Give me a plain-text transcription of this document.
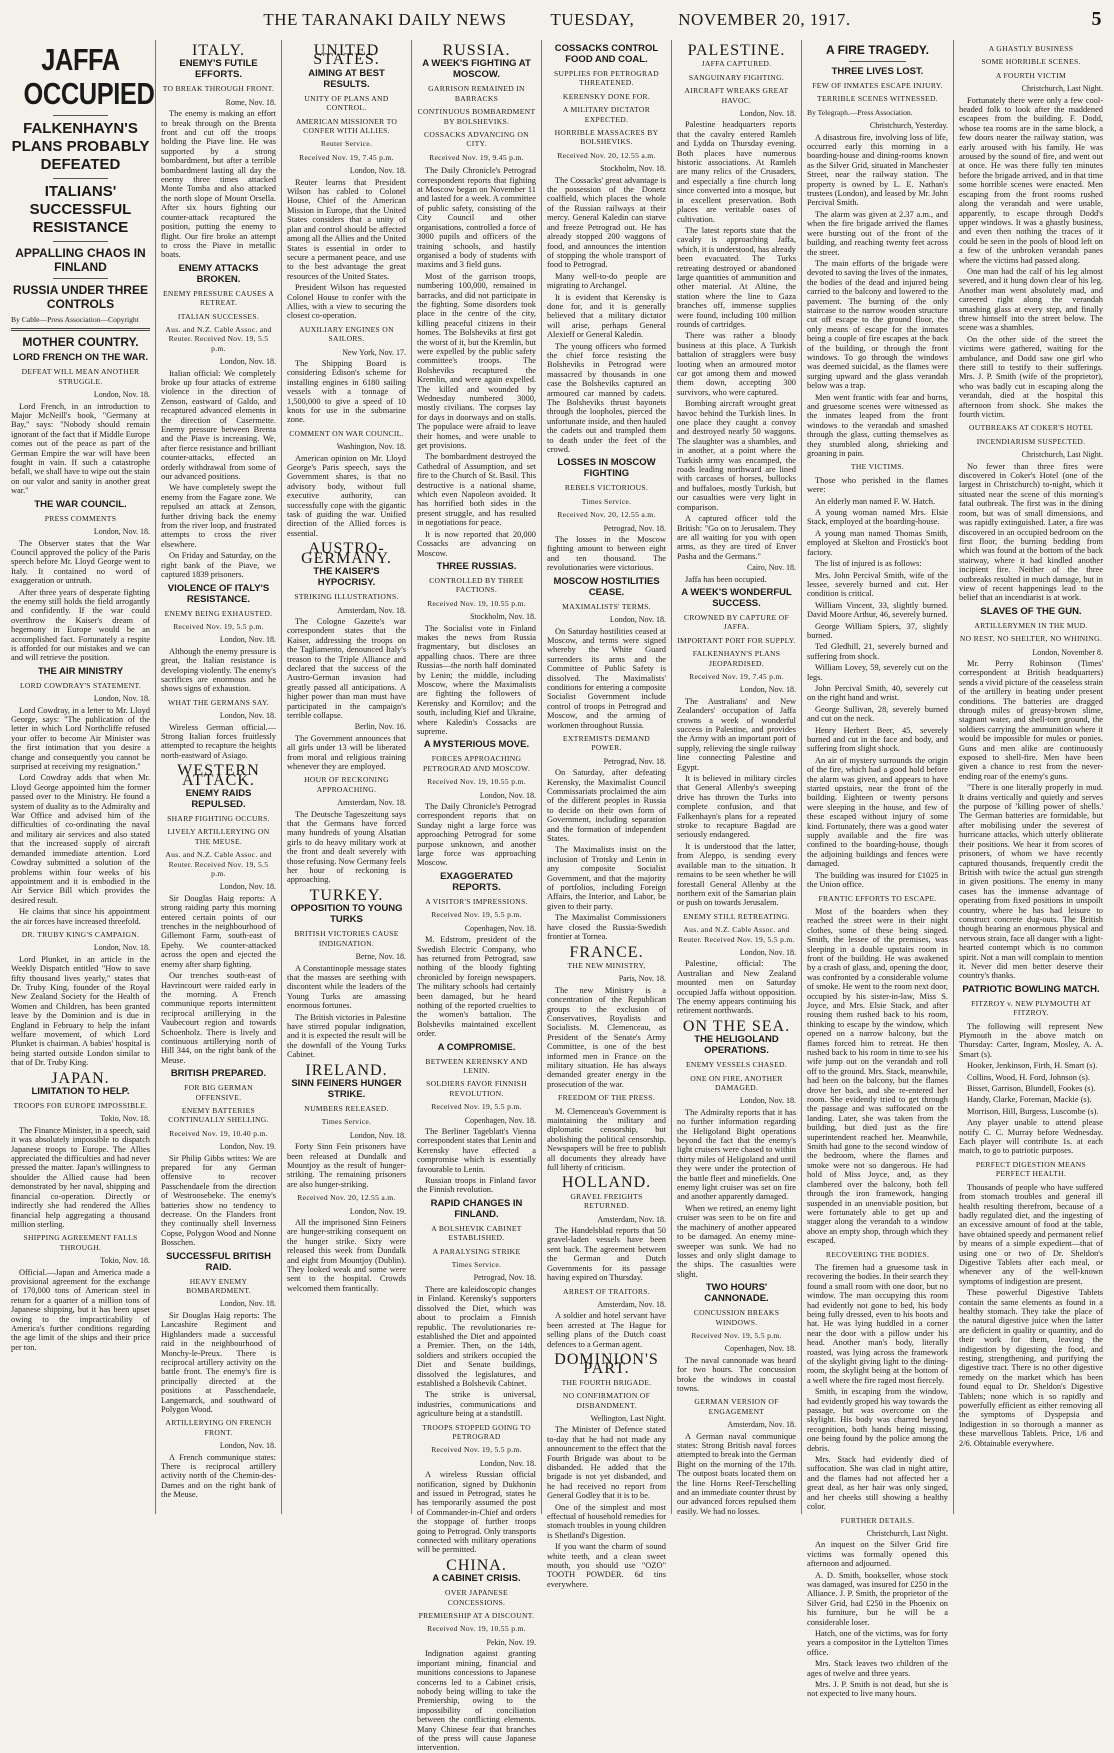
THE TARANAKI DAILY NEWS	TUESDAY,	NOVEMBER 20, 1917.	5
JAFFA OCCUPIED
FALKENHAYN'S PLANS PROBABLY DEFEATED
ITALIANS' SUCCESSFUL RESISTANCE
APPALLING CHAOS IN FINLAND
RUSSIA UNDER THREE CONTROLS
By Cable—Press Association—Copyright
MOTHER COUNTRY.
LORD FRENCH ON THE WAR.
DEFEAT WILL MEAN ANOTHER STRUGGLE.
London, Nov. 18.

Lord French, in an introduction to Major McNeill's book, "Germany at Bay," says: "Nobody should remain ignorant of the fact that if Middle Europe comes out of the peace as part of the German Empire the war will have been fought in vain. If such a catastrophe befall, we shall have to wipe out the stain on our valor and sanity in another great war."

THE WAR COUNCIL.
PRESS COMMENTS
London, Nov. 18.

The Observer states that the War Council approved the policy of the Paris speech before Mr. Lloyd George went to Italy. It contained no word of exaggeration or untruth.

After three years of desperate fighting the enemy still holds the field arrogantly and confidently. If the war could overthrow the Kaiser's dream of hegemony in Europe would be an accomplished fact. Fortunately a respite is afforded for our mistakes and we can and will retrieve the position.

THE AIR MINISTRY
LORD COWDRAY'S STATEMENT.
London, Nov. 18.

Lord Cowdray, in a letter to Mr. Lloyd George, says: "The publication of the letter in which Lord Northcliffe refused your offer to become Air Minister was the first intimation that you desire a change and consequently you cannot be surprised at receiving my resignation."

Lord Cowdray adds that when Mr. Lloyd George appointed him the former passed over to the Ministry. He found a system of duality as to the Admiralty and War Office and advised him of the difficulties of co-ordinating the naval and military air services and also stated that the increased supply of aircraft demanded immediate attention. Lord Cowdray submitted a solution of the problems within four weeks of his appointment and it is embodied in the Air Service Bill which provides the desired result.

He claims that since his appointment the air forces have increased threefold.

DR. TRUBY KING'S CAMPAIGN.
London, Nov. 18.

Lord Plunket, in an article in the Weekly Dispatch entitled "How to save fifty thousand lives yearly," states that Dr. Truby King, founder of the Royal New Zealand Society for the Health of Women and Children, has been granted leave by the Dominion and is due in England in February to help the infant welfare movement, of which Lord Plunket is chairman. A babies' hospital is being started outside London similar to that of Dr. Truby King.

JAPAN.
LIMITATION TO HELP.
TROOPS FOR EUROPE IMPOSSIBLE.
Tokio, Nov. 18.

The Finance Minister, in a speech, said it was absolutely impossible to dispatch Japanese troops to Europe. The Allies appreciated the difficulties and had never pressed the matter. Japan's willingness to shoulder the Allied cause had been demonstrated by her naval, shipping and financial co-operation. Directly or indirectly she had rendered the Allies financial help aggregating a thousand million sterling.

SHIPPING AGREEMENT FALLS THROUGH.
Tokio, Nov. 18.

Official.—Japan and America made a provisional agreement for the exchange of 170,000 tons of American steel in return for a quarter of a million tons of Japanese shipping, but it has been upset owing to the impracticability of America's further conditions regarding the age limit of the ships and their price per ton.

ITALY.
ENEMY'S FUTILE EFFORTS.
TO BREAK THROUGH FRONT.
Rome, Nov. 18.

The enemy is making an effort to break through on the Brenta front and cut off the troops holding the Piave line. He was supported by a strong bombardment, but after a terrible bombardment lasting all day the enemy three times attacked Monte Tomba and also attacked the north slope of Mount Orsella. After six hours fighting our counter-attack recaptured the position, putting the enemy to flight. Our fire broke an attempt to cross the Piave in metallic boats.

ENEMY ATTACKS BROKEN.
ENEMY PRESSURE CAUSES A RETREAT.
ITALIAN SUCCESSES.
Aus. and N.Z. Cable Assoc. and Reuter. Received Nov. 19, 5.5 p.m.
London, Nov. 18.

Italian official: We completely broke up four attacks of extreme violence in the direction of Zenson, eastward of Galdo, and recaptured advanced elements in the direction of Casermette. Enemy pressure between Brenta and the Piave is increasing. We, after fierce resistance and brilliant counter-attacks, effected an orderly withdrawal from some of our advanced positions.

We have completely swept the enemy from the Fagare zone. We repulsed an attack at Zenson, further driving back the enemy from the river loop, and frustrated attempts to cross the river elsewhere.

On Friday and Saturday, on the right bank of the Piave, we captured 1839 prisoners.

VIOLENCE OF ITALY'S RESISTANCE.
ENEMY BEING EXHAUSTED.
Received Nov. 19, 5.5 p.m.
London, Nov. 18.

Although the enemy pressure is great, the Italian resistance is developing violently. The enemy's sacrifices are enormous and he shows signs of exhaustion.

WHAT THE GERMANS SAY.
London, Nov. 18.

Wireless German official.—Strong Italian forces fruitlessly attempted to recapture the heights north-eastward of Asiago.

WESTERN ATTACK.
ENEMY RAIDS REPULSED.
SHARP FIGHTING OCCURS.
LIVELY ARTILLERYING ON THE MEUSE.
Aus. and N.Z. Cable Assoc. and Reuter. Received Nov. 19, 5.5 p.m.
London, Nov. 18.

Sir Douglas Haig reports: A strong raiding party this morning entered certain points of our trenches in the neighbourhood of Gillemont Farm, south-east of Epehy. We counter-attacked across the open and ejected the enemy after sharp fighting.

Our trenches south-east of Havrincourt were raided early in the morning. A French communique reports intermittent reciprocal artillerying in the Vaubecourt region and towards Schoenholz. There is lively and continuous artillerying north of Hill 344, on the right bank of the Meuse.

BRITISH PREPARED.
FOR BIG GERMAN OFFENSIVE.
ENEMY BATTERIES CONTINUALLY SHELLING.
Received Nov. 19, 10.40 p.m.
London, Nov. 19.

Sir Philip Gibbs writes: We are prepared for any German offensive to recover Passchendaele from the direction of Westroosebeke. The enemy's batteries show no tendency to decrease. On the Flanders front they continually shell Inverness Copse, Polygon Wood and Nonne Bosschen.

SUCCESSFUL BRITISH RAID.
HEAVY ENEMY BOMBARDMENT.
London, Nov. 18.

Sir Douglas Haig reports: The Lancashire Regiment and Highlanders made a successful raid in the neighbourhood of Monchy-le-Preux. There is reciprocal artillery activity on the battle front. The enemy's fire is principally directed at the positions at Passchendaele, Langemarck, and southward of Polygon Wood.

ARTILLERYING ON FRENCH FRONT.
London, Nov. 18.

A French communique states: There is reciprocal artillery activity north of the Chemin-des-Dames and on the right bank of the Meuse.

UNITED STATES.
AIMING AT BEST RESULTS.
UNITY OF PLANS AND CONTROL.
AMERICAN MISSIONER TO CONFER WITH ALLIES.
Reuter Service.
Received Nov. 19, 7.45 p.m.
London, Nov. 18.

Reuter learns that President Wilson has cabled to Colonel House, Chief of the American Mission in Europe, that the United States considers that a unity of plan and control should be affected among all the Allies and the United States is essential in order to secure a permanent peace, and use to the best advantage the great resources of the United States.

President Wilson has requested Colonel House to confer with the Allies, with a view to securing the closest co-operation.

AUXILIARY ENGINES ON SAILORS.
New York, Nov. 17.

The Shipping Board is considering Edison's scheme for installing engines in 6180 sailing vessels with a tonnage of 1,500,000 to give a speed of 10 knots for use in the submarine zone.

COMMENT ON WAR COUNCIL.
Washington, Nov. 18.

American opinion on Mr. Lloyd George's Paris speech, says the Government shares, is that no advisory body, without full executive authority, can successfully cope with the gigantic task of guiding the war. Unified direction of the Allied forces is essential.

AUSTRO-GERMANY.
THE KAISER'S HYPOCRISY.
STRIKING ILLUSTRATIONS.
Amsterdam, Nov. 18.

The Cologne Gazette's war correspondent states that the Kaiser, addressing the troops on the Tagliamento, denounced Italy's treason to the Triple Alliance and declared that the success of the Austro-German invasion had greatly passed all anticipations. A higher power than man must have participated in the campaign's terrible collapse.

Berlin, Nov. 16.

The Government announces that all girls under 13 will be liberated from moral and religious training whenever they are employed.

HOUR OF RECKONING APPROACHING.
Amsterdam, Nov. 18.

The Deutsche Tageszeitung says that the Germans have forced many hundreds of young Alsatian girls to do heavy military work at the front and dealt severely with those refusing. Now Germany feels her hour of reckoning is approaching.

TURKEY.
OPPOSITION TO YOUNG TURKS
BRITISH VICTORIES CAUSE INDIGNATION.
Berne, Nov. 18.

A Constantinople message states that the masses are seething with discontent while the leaders of the Young Turks are amassing enormous fortunes.

The British victories in Palestine have stirred popular indignation, and it is expected the result will be the downfall of the Young Turks Cabinet.

IRELAND.
SINN FEINERS HUNGER STRIKE.
NUMBERS RELEASED.
Times Service.
London, Nov. 18.

Forty Sinn Fein prisoners have been released at Dundalk and Mountjoy as the result of hunger-striking. The remaining prisoners are also hunger-striking.

Received Nov. 20, 12.55 a.m.
London, Nov. 19.

All the imprisoned Sinn Feiners are hunger-striking consequent on the hunger strike. Sixty were released this week from Dundalk and eight from Mountjoy (Dublin). They looked weak and some were sent to the hospital. Crowds welcomed them frantically.

RUSSIA.
A WEEK'S FIGHTING AT MOSCOW.
GARRISON REMAINED IN BARRACKS
CONTINUOUS BOMBARDMENT BY BOLSHEVIKS.
COSSACKS ADVANCING ON CITY.
Received Nov. 19, 9.45 p.m.

The Daily Chronicle's Petrograd correspondent reports that fighting at Moscow began on November 11 and lasted for a week. A committee of public safety, consisting of the City Council and other organisations, controlled a force of 3000 pupils and officers of the training schools, and hastily organised a body of students with maxims and 3 field guns.

Most of the garrison troops, numbering 100,000, remained in barracks, and did not participate in the fighting. Some disorders took place in the centre of the city, killing peaceful citizens in their homes. The Bolsheviks at first got the worst of it, but the Kremlin, but were expelled by the public safety committee's troops. The Bolsheviks recaptured the Kremlin, and were again expelled. The killed and wounded by Wednesday numbered 3000, mostly civilians. The corpses lay for days in doorways and on stalls. The populace were afraid to leave their homes, and were unable to get provisions.

The bombardment destroyed the Cathedral of Assumption, and set fire to the Church of St. Basil. This destructive is a national shame, which even Napoleon avoided. It has horrified both sides in the present struggle, and has resulted in negotiations for peace.

It is now reported that 20,000 Cossacks are advancing on Moscow.

THREE RUSSIAS.
CONTROLLED BY THREE FACTIONS.
Received Nov. 19, 10.55 p.m.
Stockholm, Nov. 18.

The Socialist vote in Finland makes the news from Russia fragmentary, but discloses an appalling chaos. There are three Russias—the north half dominated by Lenin; the middle, including Moscow, where the Maximalists are fighting the followers of Kerensky and Kornilov; and the south, including Kief and Ukraine, where Kaledin's Cossacks are supreme.

A MYSTERIOUS MOVE.
FORCES APPROACHING PETROGRAD AND MOSCOW.
Received Nov. 19, 10.55 p.m.
London, Nov. 18.

The Daily Chronicle's Petrograd correspondent reports that on Sunday night a large force was approaching Petrograd for some purpose unknown, and another large force was approaching Moscow.

EXAGGERATED REPORTS.
A VISITOR'S IMPRESSIONS.
Received Nov. 19, 5.5 p.m.
Copenhagen, Nov. 18.

M. Edstrom, president of the Swedish Electric Company, who has returned from Petrograd, saw nothing of the bloody fighting chronicled by foreign newspapers. The military schools had certainly been damaged, but he heard nothing of the reported cruelties to the women's battalion. The Bolsheviks maintained excellent order.

A COMPROMISE.
BETWEEN KERENSKY AND LENIN.
SOLDIERS FAVOR FINNISH REVOLUTION.
Received Nov. 19, 5.5 p.m.
Copenhagen, Nov. 18.

The Berliner Tageblatt's Vienna correspondent states that Lenin and Kerensky have effected a compromise which is essentially favourable to Lenin.

Russian troops in Finland favor the Finnish revolution.

RAPID CHANGES IN FINLAND.
A BOLSHEVIK CABINET ESTABLISHED.
A PARALYSING STRIKE
Times Service.
Petrograd, Nov. 18.

There are kaleidoscopic changes in Finland. Kerensky's supporters dissolved the Diet, which was about to proclaim a Finnish republic. The revolutionaries re-established the Diet and appointed a Premier. Then, on the 14th, soldiers and strikers occupied the Diet and Senate buildings, dissolved the legislatures, and established a Bolshevik Cabinet.

The strike is universal, industries, communications and agriculture being at a standstill.

TROOPS STOPPED GOING TO PETROGRAD
Received Nov. 19, 5.5 p.m.
London, Nov. 18.

A wireless Russian official notification, signed by Dukhonin and issued in Petrograd, states he has temporarily assumed the post of Commander-in-Chief and orders the stoppage of further troops going to Petrograd. Only transports connected with military operations will be permitted.

CHINA.
A CABINET CRISIS.
OVER JAPANESE CONCESSIONS.
PREMIERSHIP AT A DISCOUNT.
Received Nov. 19, 10.55 p.m.
Pekin, Nov. 19.

Indignation against granting important mining, financial and munitions concessions to Japanese concerns led to a Cabinet crisis, nobody being willing to take the Premiership, owing to the impossibility of conciliation between the conflicting elements. Many Chinese fear that branches of the press will cause Japanese intervention.

COSSACKS CONTROL FOOD AND COAL.
SUPPLIES FOR PETROGRAD THREATENED.
KERENSKY DONE FOR.
A MILITARY DICTATOR EXPECTED.
HORRIBLE MASSACRES BY BOLSHEVIKS.
Received Nov. 20, 12.55 a.m.
Stockholm, Nov. 18.

The Cossacks' great advantage is the possession of the Donetz coalfield, which places the whole of the Russian railways at their mercy. General Kaledin can starve and freeze Petrograd out. He has already stopped 200 waggons of food, and announces the intention of stopping the whole transport of food to Petrograd.

Many well-to-do people are migrating to Archangel.

It is evident that Kerensky is done for, and it is generally believed that a military dictator will arise, perhaps General Alexieff or General Kaledin.

The young officers who formed the chief force resisting the Bolsheviks in Petrograd were massacred by thousands in one case the Bolsheviks captured an armoured car manned by cadets. The Bolsheviks thrust bayonets through the loopholes, pierced the unfortunate inside, and then hauled the cadets out and trampled them to death under the feet of the crowd.

LOSSES IN MOSCOW FIGHTING
REBELS VICTORIOUS.
Times Service.
Received Nov. 20, 12.55 a.m.
Petrograd, Nov. 18.

The losses in the Moscow fighting amount to between eight and ten thousand. The revolutionaries were victorious.

MOSCOW HOSTILITIES CEASE.
MAXIMALISTS' TERMS.
London, Nov. 18.

On Saturday hostilities ceased at Moscow, and terms were signed whereby the White Guard surrenders its arms and the Committee of Public Safety is dissolved. The Maximalists' conditions for entering a composite Socialist Government include control of troops in Petrograd and Moscow, and the arming of workmen throughout Russia.

EXTREMISTS DEMAND POWER.
Petrograd, Nov. 18.

On Saturday, after defeating Kerensky, the Maximalist Council Commissariats proclaimed the aim of the different peoples in Russia to decide on their own form of Government, including separation and the formation of independent States.

The Maximalists insist on the inclusion of Trotsky and Lenin in any composite Socialist Government, and that the majority of portfolios, including Foreign Affairs, the Interior, and Labor, be given to their party.

The Maximalist Commissioners have closed the Russia-Swedish frontier at Tornea.

FRANCE.
THE NEW MINISTRY,
Paris, Nov. 18.

The new Ministry is a concentration of the Republican groups to the exclusion of Conservatives, Royalists and Socialists. M. Clemenceau, as President of the Senate's Army Committee, is one of the best informed men in France on the military situation. He has always demanded greater energy in the prosecution of the war.

FREEDOM OF THE PRESS.

M. Clemenceau's Government is maintaining the military and diplomatic censorship, but abolishing the political censorship. Newspapers will be free to publish all documents they already have full liberty of criticism.

HOLLAND.
GRAVEL FREIGHTS RETURNED.
Amsterdam, Nov. 18.

The Handelsblad reports that 50 gravel-laden vessels have been sent back. The agreement between the German and Dutch Governments for its passage having expired on Thursday.

ARREST OF TRAITORS.
Amsterdam, Nov. 18.

A soldier and hotel servant have been arrested at The Hague for selling plans of the Dutch coast defences to a German agent.

DOMINION'S PART.
THE FOURTH BRIGADE.
NO CONFIRMATION OF DISBANDMENT.
Wellington, Last Night.

The Minister of Defence stated to-day that he had not made any announcement to the effect that the Fourth Brigade was about to be disbanded. He added that the brigade is not yet disbanded, and he had received no report from General Godley that it is to be.

One of the simplest and most effectual of household remedies for stomach troubles in young children is Shetland's Digestion.

If you want the charm of sound white teeth, and a clean sweet mouth, you should use "OZO" TOOTH POWDER. 6d tins everywhere.

PALESTINE.
JAFFA CAPTURED.
SANGUINARY FIGHTING.
AIRCRAFT WREAKS GREAT HAVOC.
London, Nov. 18.

Palestine headquarters reports that the cavalry entered Ramleh and Lydda on Thursday evening. Both places have numerous historic associations. At Ramleh are many relics of the Crusaders, and especially a fine church long since converted into a mosque, but in excellent preservation. Both places are veritable oases of cultivation.

The latest reports state that the cavalry is approaching Jaffa, which, it is understood, has already been evacuated. The Turks retreating destroyed or abandoned large quantities of ammunition and other material. At Altine, the station where the line to Gaza branches off, immense supplies were found, including 100 million rounds of cartridges.

There was rather a bloody business at this place. A Turkish battalion of stragglers were busy looting when an armoured motor car got among them and mowed them down, accepting 300 survivors, who were captured.

Bombing aircraft wrought great havoc behind the Turkish lines. In one place they caught a convoy and destroyed nearly 50 waggons. The slaughter was a shambles, and in another, at a point where the Turkish army was encamped, the roads leading northward are lined with carcases of horses, bullocks and buffaloes, mostly Turkish, but our casualties were very light in comparison.

A captured officer told the British: "Go on to Jerusalem. They are all waiting for you with open arms, as they are tired of Enver Pasha and the Germans."

Cairo, Nov. 18.

Jaffa has been occupied.

A WEEK'S WONDERFUL SUCCESS.
CROWNED BY CAPTURE OF JAFFA.
IMPORTANT PORT FOR SUPPLY.
FALKENHAYN'S PLANS JEOPARDISED.
Received Nov. 19, 7.45 p.m.
London, Nov. 18.

The Australians' and New Zealanders' occupation of Jaffa crowns a week of wonderful success in Palestine, and provides the Army with an important port of supply, relieving the single railway line connecting Palestine and Egypt.

It is believed in military circles that General Allenby's sweeping drive has thrown the Turks into complete confusion, and that Falkenhayn's plans for a repeated stroke to recapture Bagdad are seriously endangered.

It is understood that the latter, from Aleppo, is sending every available man to the situation. It remains to be seen whether he will forestall General Allenby at the northern exit of the Samarian plain or push on towards Jerusalem.

ENEMY STILL RETREATING.
Aus. and N.Z. Cable Assoc. and Reuter. Received Nov. 19, 5.5 p.m.
London, Nov. 18.

Palestine, official: The Australian and New Zealand mounted men on Saturday occupied Jaffa without opposition. The enemy appears continuing his retirement northwards.

ON THE SEA.
THE HELIGOLAND OPERATIONS.
ENEMY VESSELS CHASED.
ONE ON FIRE, ANOTHER DAMAGED.
London, Nov. 18.

The Admiralty reports that it has no further information regarding the Heligoland Bight operations beyond the fact that the enemy's light cruisers were chased to within thirty miles of Heligoland and until they were under the protection of the battle fleet and minefields. One enemy light cruiser was set on fire and another apparently damaged.

When we retired, an enemy light cruiser was seen to be on fire and the machinery of another appeared to be damaged. An enemy mine-sweeper was sunk. We had no losses and only slight damage to the ships. The casualties were slight.

TWO HOURS' CANNONADE.
CONCUSSION BREAKS WINDOWS.
Received Nov. 19, 5.5 p.m.
Copenhagen, Nov. 18.

The naval cannonade was heard for two hours. The concussion broke the windows in coastal towns.

GERMAN VERSION OF ENGAGEMENT
Amsterdam, Nov. 18.

A German naval communique states: Strong British naval forces attempted to break into the German Bight on the morning of the 17th. The outpost boats located them on the line Horns Reef-Terschelling and an immediate counter thrust by our advanced forces repulsed them easily. We had no losses.

A FIRE TRAGEDY.
THREE LIVES LOST.
FEW OF INMATES ESCAPE INJURY.
TERRIBLE SCENES WITNESSED.
By Telegraph.—Press Association.
Christchurch, Yesterday.

A disastrous fire, involving loss of life, occurred early this morning in a boarding-house and dining-rooms known as the Silver Grid, situated in Manchester Street, near the railway station. The property is owned by L. E. Nathan's trustees (London), and leased by Mr. John Percival Smith.

The alarm was given at 2.37 a.m., and when the fire brigade arrived the flames were bursting out of the front of the building, and reaching twenty feet across the street.

The main efforts of the brigade were devoted to saving the lives of the inmates, the bodies of the dead and injured being carried to the balcony and lowered to the pavement. The burning of the only staircase to the narrow wooden structure cut off escape to the ground floor, the only means of escape for the inmates being a couple of fire escapes at the back of the building, or through the front windows. To go through the windows was deemed suicidal, as the flames were surging upward and the glass verandah below was a trap.

Men went frantic with fear and burns, and gruesome scenes were witnessed as the inmates leaped from the front windows to the verandah and smashed through the glass, cutting themselves as they stumbled along, shrieking and groaning in pain.

THE VICTIMS.

Those who perished in the flames were:

An elderly man named F. W. Hatch.

A young woman named Mrs. Elsie Stack, employed at the boarding-house.

A young man named Thomas Smith, employed at Skelton and Frostick's boot factory.

The list of injured is as follows:

Mrs. John Percival Smith, wife of the lessee, severely burned and cut. Her condition is critical.

William Vincent, 33, slightly burned. David Moore Arthur, 46, severely burned.

George William Spiers, 37, slightly burned.

Ted Gledhill, 21, severely burned and suffering from shock.

William Lovey, 59, severely cut on the legs.

John Percival Smith, 40, severely cut on the right hand and wrist.

George Sullivan, 28, severely burned and cut on the neck.

Henry Herbert Beer, 45, severely burned and cut in the face and body, and suffering from slight shock.

An air of mystery surrounds the origin of the fire, which had a good hold before the alarm was given, and appears to have started upstairs, near the front of the building. Eighteen or twenty persons were sleeping in the house, and few of these escaped without injury of some kind. Fortunately, there was a good water supply available and the fire was confined to the boarding-house, though the adjoining buildings and fences were damaged.

The building was insured for £1025 in the Union office.

FRANTIC EFFORTS TO ESCAPE.

Most of the boarders when they reached the street were in their night clothes, some of these being singed. Smith, the lessee of the premises, was sleeping in a double upstairs room in front of the building. He was awakened by a crash of glass, and, opening the door, was confronted by a considerable volume of smoke. He went to the room next door, occupied by his sister-in-law, Miss S. Joyce, and Mrs. Elsie Stack, and after rousing them rushed back to his room, thinking to escape by the window, which opened on a narrow balcony, but the flames forced him to retreat. He then rushed back to his room in time to see his wife jump out on the verandah and roll off to the ground. Mrs. Stack, meanwhile, had been on the balcony, but the flames drove her back, and she re-entered her room. She evidently tried to get through the passage and was suffocated on the landing. Later, she was taken from the building, but died just as the fire superintendent reached her. Meanwhile, Smith had gone to the second window of the bedroom, where the flames and smoke were not so dangerous. He had hold of Miss Joyce, and, as they clambered over the balcony, both fell through the iron framework, hanging suspended in an unenviable position, but were fortunately able to get up and stagger along the verandah to a window above an empty shop, through which they escaped.

RECOVERING THE BODIES.

The firemen had a gruesome task in recovering the bodies. In their search they found a small room with one door, but no window. The man occupying this room had evidently not gone to bed, his body being fully dressed, even to his boots and hat. He was lying huddled in a corner near the door with a pillow under his head. Another man's body, literally roasted, was lying across the framework of the skylight giving light to the dining-room, the skylight being at the bottom of a well where the fire raged most fiercely.

Smith, in escaping from the window, had evidently groped his way towards the passage, but was overcome on the skylight. His body was charred beyond recognition, both hands being missing, one being found by the police among the debris.

Mrs. Stack had evidently died of suffocation. She was clad in night attire, and the flames had not affected her a great deal, as her hair was only singed, and her cheeks still showing a healthy color.

FURTHER DETAILS.
Christchurch, Last Night.

An inquest on the Silver Grid fire victims was formally opened this afternoon and adjourned.

A. D. Smith, bookseller, whose stock was damaged, was insured for £250 in the Alliance. J. P. Smith, the proprietor of the Silver Grid, had £250 in the Phoenix on his furniture, but he will be a considerable loser.

Hatch, one of the victims, was for forty years a compositor in the Lyttelton Times office.

Mrs. Stack leaves two children of the ages of twelve and three years.

Mrs. J. P. Smith is not dead, but she is not expected to live many hours.

A GHASTLY BUSINESS
SOME HORRIBLE SCENES.
A FOURTH VICTIM
Christchurch, Last Night.

Fortunately there were only a few cool-headed folk to look after the maddened escapees from the building. F. Dodd, whose tea rooms are in the same block, a few doors nearer the railway station, was early aroused with his family. He was aroused by the sound of fire, and went out at once. He was there fully ten minutes before the brigade arrived, and in that time some horrible scenes were enacted. Men escaping from the front rooms rushed along the verandah and were unable, apparently, to escape through Dodd's upper windows. It was a ghastly business, and even then nothing the traces of it could be seen in the pools of blood left on a few of the unbroken verandah panes where the victims had passed along.

One man had the calf of his leg almost severed, and it hung down clear of his leg. Another man went absolutely mad, and careered right along the verandah smashing glass at every step, and finally threw himself into the street below. The scene was a shambles.

On the other side of the street the victims were gathered, waiting for the ambulance, and Dodd saw one girl who there still to testify to their sufferings. Mrs. J. P. Smith (wife of the proprietor), who was badly cut in escaping along the verandah, died at the hospital this afternoon from shock. She makes the fourth victim.

OUTBREAKS AT COKER'S HOTEL
INCENDIARISM SUSPECTED.
Christchurch, Last Night.

No fewer than three fires were discovered in Coker's Hotel (one of the largest in Christchurch) to-night, which it situated near the scene of this morning's fatal outbreak. The first was in the dining room, but was of small dimensions, and was rapidly extinguished. Later, a fire was discovered in an occupied bedroom on the first floor, the burning bedding from which was found at the bottom of the back stairway, where it had kindled another incipient fire. Neither of the three outbreaks resulted in much damage, but in view of recent happenings lead to the belief that an incendiarist is at work.

SLAVES OF THE GUN.
ARTILLERYMEN IN THE MUD.
NO REST, NO SHELTER, NO WHINING.
London, November 8.

Mr. Perry Robinson (Times' correspondent at British headquarters) sends a vivid picture of the ceaseless strain of the artillery in beating under present conditions. The batteries are dragged through miles of greasy-brown slime, stagnant water, and shell-torn ground, the soldiers carrying the ammunition where it would be impossible for mules or ponies. Guns and men alike are continuously exposed to shell-fire. Men have been given a chance to rest from the never-ending roar of the enemy's guns.

"There is one literally properly in mud. It drains vertically and quietly and serves the purpose of 'killing power of shells.' The German batteries are formidable, but after mobilising under the severest of hurricane attacks, which utterly obliterate their positions. We hear it from scores of prisoners, of whom we have recently captured thousands, frequently credit the British with twice the actual gun strength in given positions. The enemy in many cases has the immense advantage of operating from fixed positions in unspoilt country, where he has had leisure to construct concrete dug-outs. The British though bearing an enormous physical and nervous strain, face all danger with a light-hearted contempt which is no common spirit. Not a man will complain to mention it. Never did men better deserve their country's thanks.

PATRIOTIC BOWLING MATCH.
FITZROY v. NEW PLYMOUTH AT FITZROY.

The following will represent New Plymouth in the above match on Thursday: Carter, Ingram, Mosley, A. A. Smart (s).

Hooker, Jenkinson, Firth, H. Smart (s).

Collins, Wood, H. Ford, Johnson (s).

Bisset, Garrison, Blundell, Fookes (s).

Handy, Clarke, Foreman, Mackie (s).

Morrison, Hill, Burgess, Luscombe (s).

Any player unable to attend please notify C. C. Murray before Wednesday. Each player will contribute 1s. at each match, to go to patriotic purposes.

PERFECT DIGESTION MEANS PERFECT HEALTH.

Thousands of people who have suffered from stomach troubles and general ill health resulting therefrom, because of a badly regulated diet, and the ingesting of an excessive amount of food at the table, have obtained speedy and permanent relief by means of a simple expedient—that of using one or two of Dr. Sheldon's Digestive Tablets after each meal, or whenever any of the well-known symptoms of indigestion are present.

These powerful Digestive Tablets contain the same elements as found in a healthy stomach. They take the place of the natural digestive juice when the latter are deficient in quality or quantity, and do their work for them, leaving the indigestion by digesting the food, and resting, strengthening, and purifying the digestive tract. There is no other digestive remedy on the market which has been found equal to Dr. Sheldon's Digestive Tablets; none which is so rapidly and powerfully efficient as either removing all the symptoms of Dyspepsia and Indigestion in so thorough a manner as these marvellous Tablets. Price, 1/6 and 2/6. Obtainable everywhere.
